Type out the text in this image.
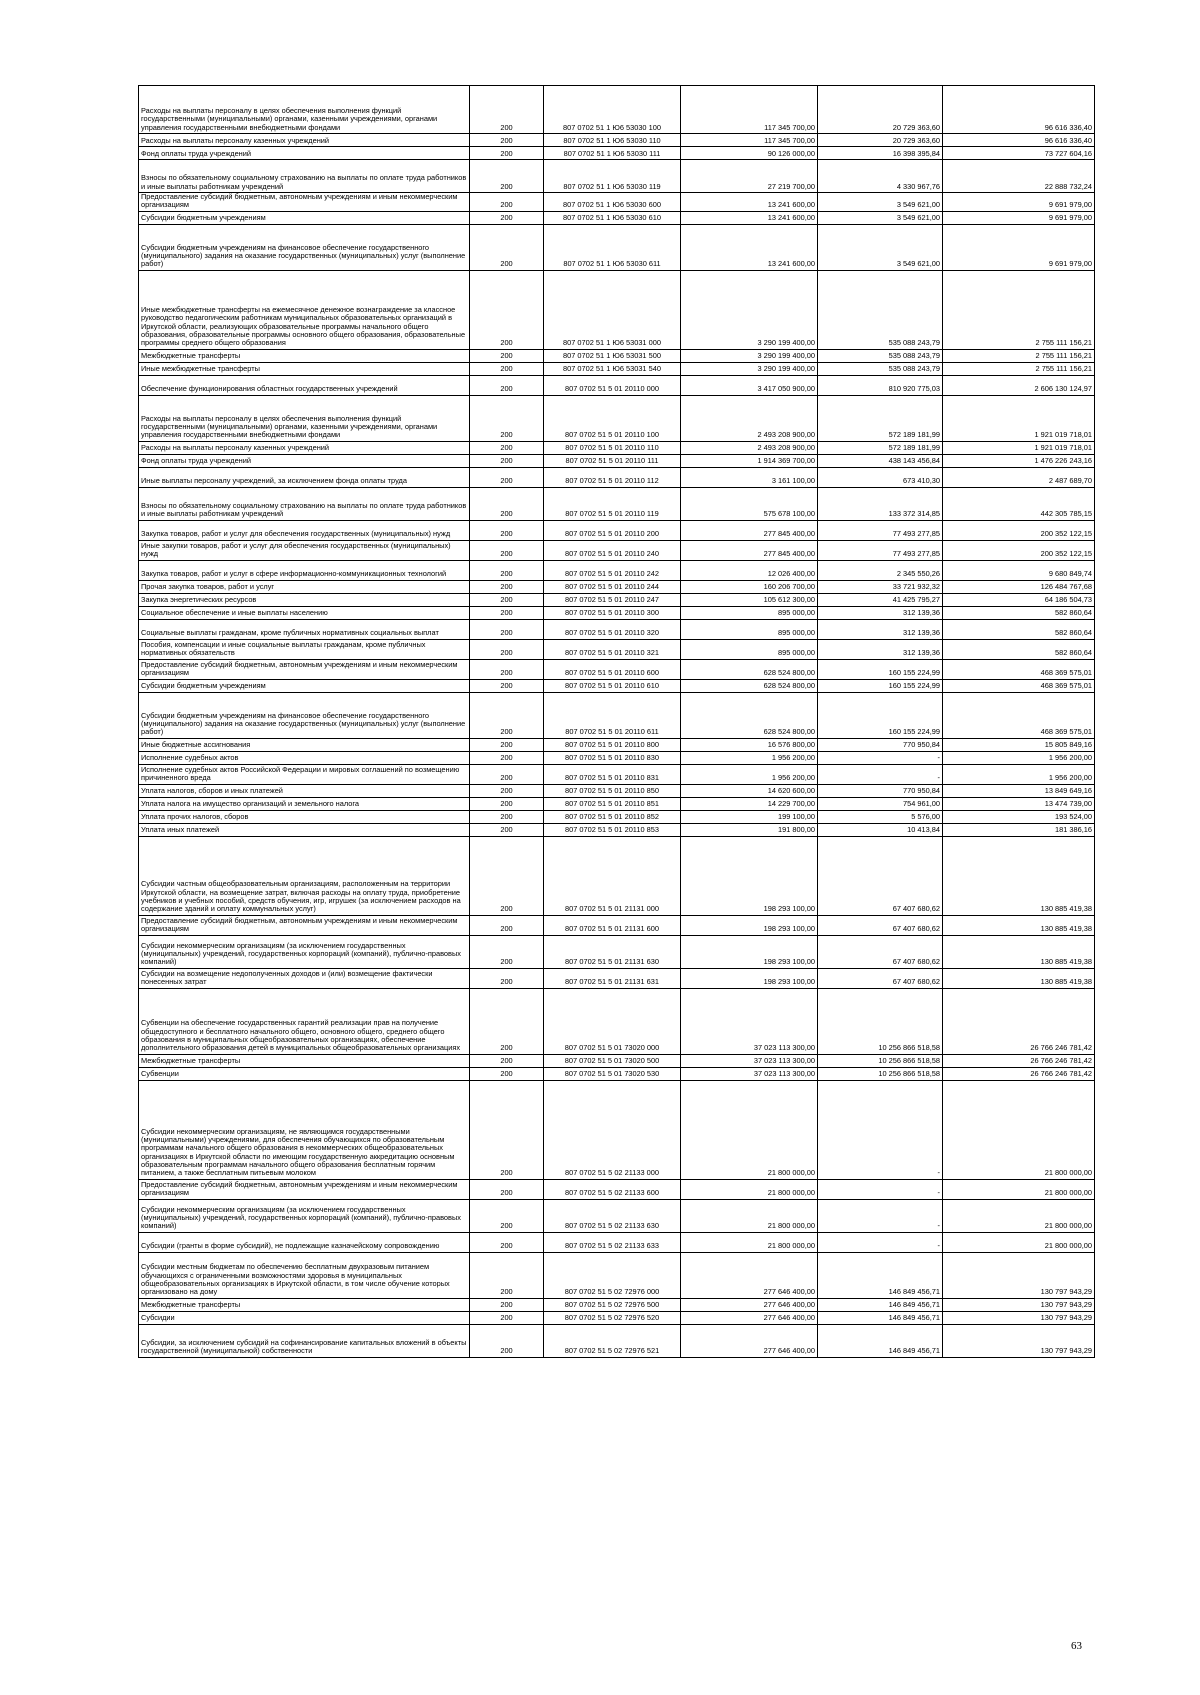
Расходы на выплаты персоналу в целях обеспечения выполнения функций государственными (муниципальными) органами, казенными учреждениями, органами управления государственными внебюджетными фондами	200	807 0702 51 1 Ю6 53030 100	117 345 700,00	20 729 363,60	96 616 336,40
Расходы на выплаты персоналу казенных учреждений	200	807 0702 51 1 Ю6 53030 110	117 345 700,00	20 729 363,60	96 616 336,40
Фонд оплаты труда учреждений	200	807 0702 51 1 Ю6 53030 111	90 126 000,00	16 398 395,84	73 727 604,16
Взносы по обязательному социальному страхованию на выплаты по оплате труда работников и иные выплаты работникам учреждений	200	807 0702 51 1 Ю6 53030 119	27 219 700,00	4 330 967,76	22 888 732,24
Предоставление субсидий бюджетным, автономным учреждениям и иным некоммерческим организациям	200	807 0702 51 1 Ю6 53030 600	13 241 600,00	3 549 621,00	9 691 979,00
Субсидии бюджетным учреждениям	200	807 0702 51 1 Ю6 53030 610	13 241 600,00	3 549 621,00	9 691 979,00
Субсидии бюджетным учреждениям на финансовое обеспечение государственного (муниципального) задания на оказание государственных (муниципальных) услуг (выполнение работ)	200	807 0702 51 1 Ю6 53030 611	13 241 600,00	3 549 621,00	9 691 979,00
Иные межбюджетные трансферты на ежемесячное денежное вознаграждение за классное руководство педагогическим работникам муниципальных образовательных организаций в Иркутской области, реализующих образовательные программы начального общего образования, образовательные программы основного общего образования, образовательные программы среднего общего образования	200	807 0702 51 1 Ю6 53031 000	3 290 199 400,00	535 088 243,79	2 755 111 156,21
Межбюджетные трансферты	200	807 0702 51 1 Ю6 53031 500	3 290 199 400,00	535 088 243,79	2 755 111 156,21
Иные межбюджетные трансферты	200	807 0702 51 1 Ю6 53031 540	3 290 199 400,00	535 088 243,79	2 755 111 156,21
Обеспечение функционирования областных государственных учреждений	200	807 0702 51 5 01 20110 000	3 417 050 900,00	810 920 775,03	2 606 130 124,97
Расходы на выплаты персоналу в целях обеспечения выполнения функций государственными (муниципальными) органами, казенными учреждениями, органами управления государственными внебюджетными фондами	200	807 0702 51 5 01 20110 100	2 493 208 900,00	572 189 181,99	1 921 019 718,01
Расходы на выплаты персоналу казенных учреждений	200	807 0702 51 5 01 20110 110	2 493 208 900,00	572 189 181,99	1 921 019 718,01
Фонд оплаты труда учреждений	200	807 0702 51 5 01 20110 111	1 914 369 700,00	438 143 456,84	1 476 226 243,16
Иные выплаты персоналу учреждений, за исключением фонда оплаты труда	200	807 0702 51 5 01 20110 112	3 161 100,00	673 410,30	2 487 689,70
Взносы по обязательному социальному страхованию на выплаты по оплате труда работников и иные выплаты работникам учреждений	200	807 0702 51 5 01 20110 119	575 678 100,00	133 372 314,85	442 305 785,15
Закупка товаров, работ и услуг для обеспечения государственных (муниципальных) нужд	200	807 0702 51 5 01 20110 200	277 845 400,00	77 493 277,85	200 352 122,15
Иные закупки товаров, работ и услуг для обеспечения государственных (муниципальных) нужд	200	807 0702 51 5 01 20110 240	277 845 400,00	77 493 277,85	200 352 122,15
Закупка товаров, работ и услуг в сфере информационно-коммуникационных технологий	200	807 0702 51 5 01 20110 242	12 026 400,00	2 345 550,26	9 680 849,74
Прочая закупка товаров, работ и услуг	200	807 0702 51 5 01 20110 244	160 206 700,00	33 721 932,32	126 484 767,68
Закупка энергетических ресурсов	200	807 0702 51 5 01 20110 247	105 612 300,00	41 425 795,27	64 186 504,73
Социальное обеспечение и иные выплаты населению	200	807 0702 51 5 01 20110 300	895 000,00	312 139,36	582 860,64
Социальные выплаты гражданам, кроме публичных нормативных социальных выплат	200	807 0702 51 5 01 20110 320	895 000,00	312 139,36	582 860,64
Пособия, компенсации и иные социальные выплаты гражданам, кроме публичных нормативных обязательств	200	807 0702 51 5 01 20110 321	895 000,00	312 139,36	582 860,64
Предоставление субсидий бюджетным, автономным учреждениям и иным некоммерческим организациям	200	807 0702 51 5 01 20110 600	628 524 800,00	160 155 224,99	468 369 575,01
Субсидии бюджетным учреждениям	200	807 0702 51 5 01 20110 610	628 524 800,00	160 155 224,99	468 369 575,01
Субсидии бюджетным учреждениям на финансовое обеспечение государственного (муниципального) задания на оказание государственных (муниципальных) услуг (выполнение работ)	200	807 0702 51 5 01 20110 611	628 524 800,00	160 155 224,99	468 369 575,01
Иные бюджетные ассигнования	200	807 0702 51 5 01 20110 800	16 576 800,00	770 950,84	15 805 849,16
Исполнение судебных актов	200	807 0702 51 5 01 20110 830	1 956 200,00	-	1 956 200,00
Исполнение судебных актов Российской Федерации и мировых соглашений по возмещению причиненного вреда	200	807 0702 51 5 01 20110 831	1 956 200,00	-	1 956 200,00
Уплата налогов, сборов и иных платежей	200	807 0702 51 5 01 20110 850	14 620 600,00	770 950,84	13 849 649,16
Уплата налога на имущество организаций и земельного налога	200	807 0702 51 5 01 20110 851	14 229 700,00	754 961,00	13 474 739,00
Уплата прочих налогов, сборов	200	807 0702 51 5 01 20110 852	199 100,00	5 576,00	193 524,00
Уплата иных платежей	200	807 0702 51 5 01 20110 853	191 800,00	10 413,84	181 386,16
Субсидии частным общеобразовательным организациям, расположенным на территории Иркутской области, на возмещение затрат, включая расходы на оплату труда, приобретение учебников и учебных пособий, средств обучения, игр, игрушек (за исключением расходов на содержание зданий и оплату коммунальных услуг)	200	807 0702 51 5 01 21131 000	198 293 100,00	67 407 680,62	130 885 419,38
Предоставление субсидий бюджетным, автономным учреждениям и иным некоммерческим организациям	200	807 0702 51 5 01 21131 600	198 293 100,00	67 407 680,62	130 885 419,38
Субсидии некоммерческим организациям (за исключением государственных (муниципальных) учреждений, государственных корпораций (компаний), публично-правовых компаний)	200	807 0702 51 5 01 21131 630	198 293 100,00	67 407 680,62	130 885 419,38
Субсидии на возмещение недополученных доходов и (или) возмещение фактически понесенных затрат	200	807 0702 51 5 01 21131 631	198 293 100,00	67 407 680,62	130 885 419,38
Субвенции на обеспечение государственных гарантий реализации прав на получение общедоступного и бесплатного начального общего, основного общего, среднего общего образования в муниципальных общеобразовательных организациях, обеспечение дополнительного образования детей в муниципальных общеобразовательных организациях	200	807 0702 51 5 01 73020 000	37 023 113 300,00	10 256 866 518,58	26 766 246 781,42
Межбюджетные трансферты	200	807 0702 51 5 01 73020 500	37 023 113 300,00	10 256 866 518,58	26 766 246 781,42
Субвенции	200	807 0702 51 5 01 73020 530	37 023 113 300,00	10 256 866 518,58	26 766 246 781,42
Субсидии некоммерческим организациям, не являющимся государственными (муниципальными) учреждениями, для обеспечения обучающихся по образовательным программам начального общего образования в некоммерческих общеобразовательных организациях в Иркутской области по имеющим государственную аккредитацию основным образовательным программам начального общего образования бесплатным горячим питанием, а также бесплатным питьевым молоком	200	807 0702 51 5 02 21133 000	21 800 000,00	-	21 800 000,00
Предоставление субсидий бюджетным, автономным учреждениям и иным некоммерческим организациям	200	807 0702 51 5 02 21133 600	21 800 000,00	-	21 800 000,00
Субсидии некоммерческим организациям (за исключением государственных (муниципальных) учреждений, государственных корпораций (компаний), публично-правовых компаний)	200	807 0702 51 5 02 21133 630	21 800 000,00	-	21 800 000,00
Субсидии (гранты в форме субсидий), не подлежащие казначейскому сопровождению	200	807 0702 51 5 02 21133 633	21 800 000,00	-	21 800 000,00
Субсидии местным бюджетам по обеспечению бесплатным двухразовым питанием обучающихся с ограниченными возможностями здоровья в муниципальных общеобразовательных организациях в Иркутской области, в том числе обучение которых организовано на дому	200	807 0702 51 5 02 72976 000	277 646 400,00	146 849 456,71	130 797 943,29
Межбюджетные трансферты	200	807 0702 51 5 02 72976 500	277 646 400,00	146 849 456,71	130 797 943,29
Субсидии	200	807 0702 51 5 02 72976 520	277 646 400,00	146 849 456,71	130 797 943,29
Субсидии, за исключением субсидий на софинансирование капитальных вложений в объекты государственной (муниципальной) собственности	200	807 0702 51 5 02 72976 521	277 646 400,00	146 849 456,71	130 797 943,29
63
